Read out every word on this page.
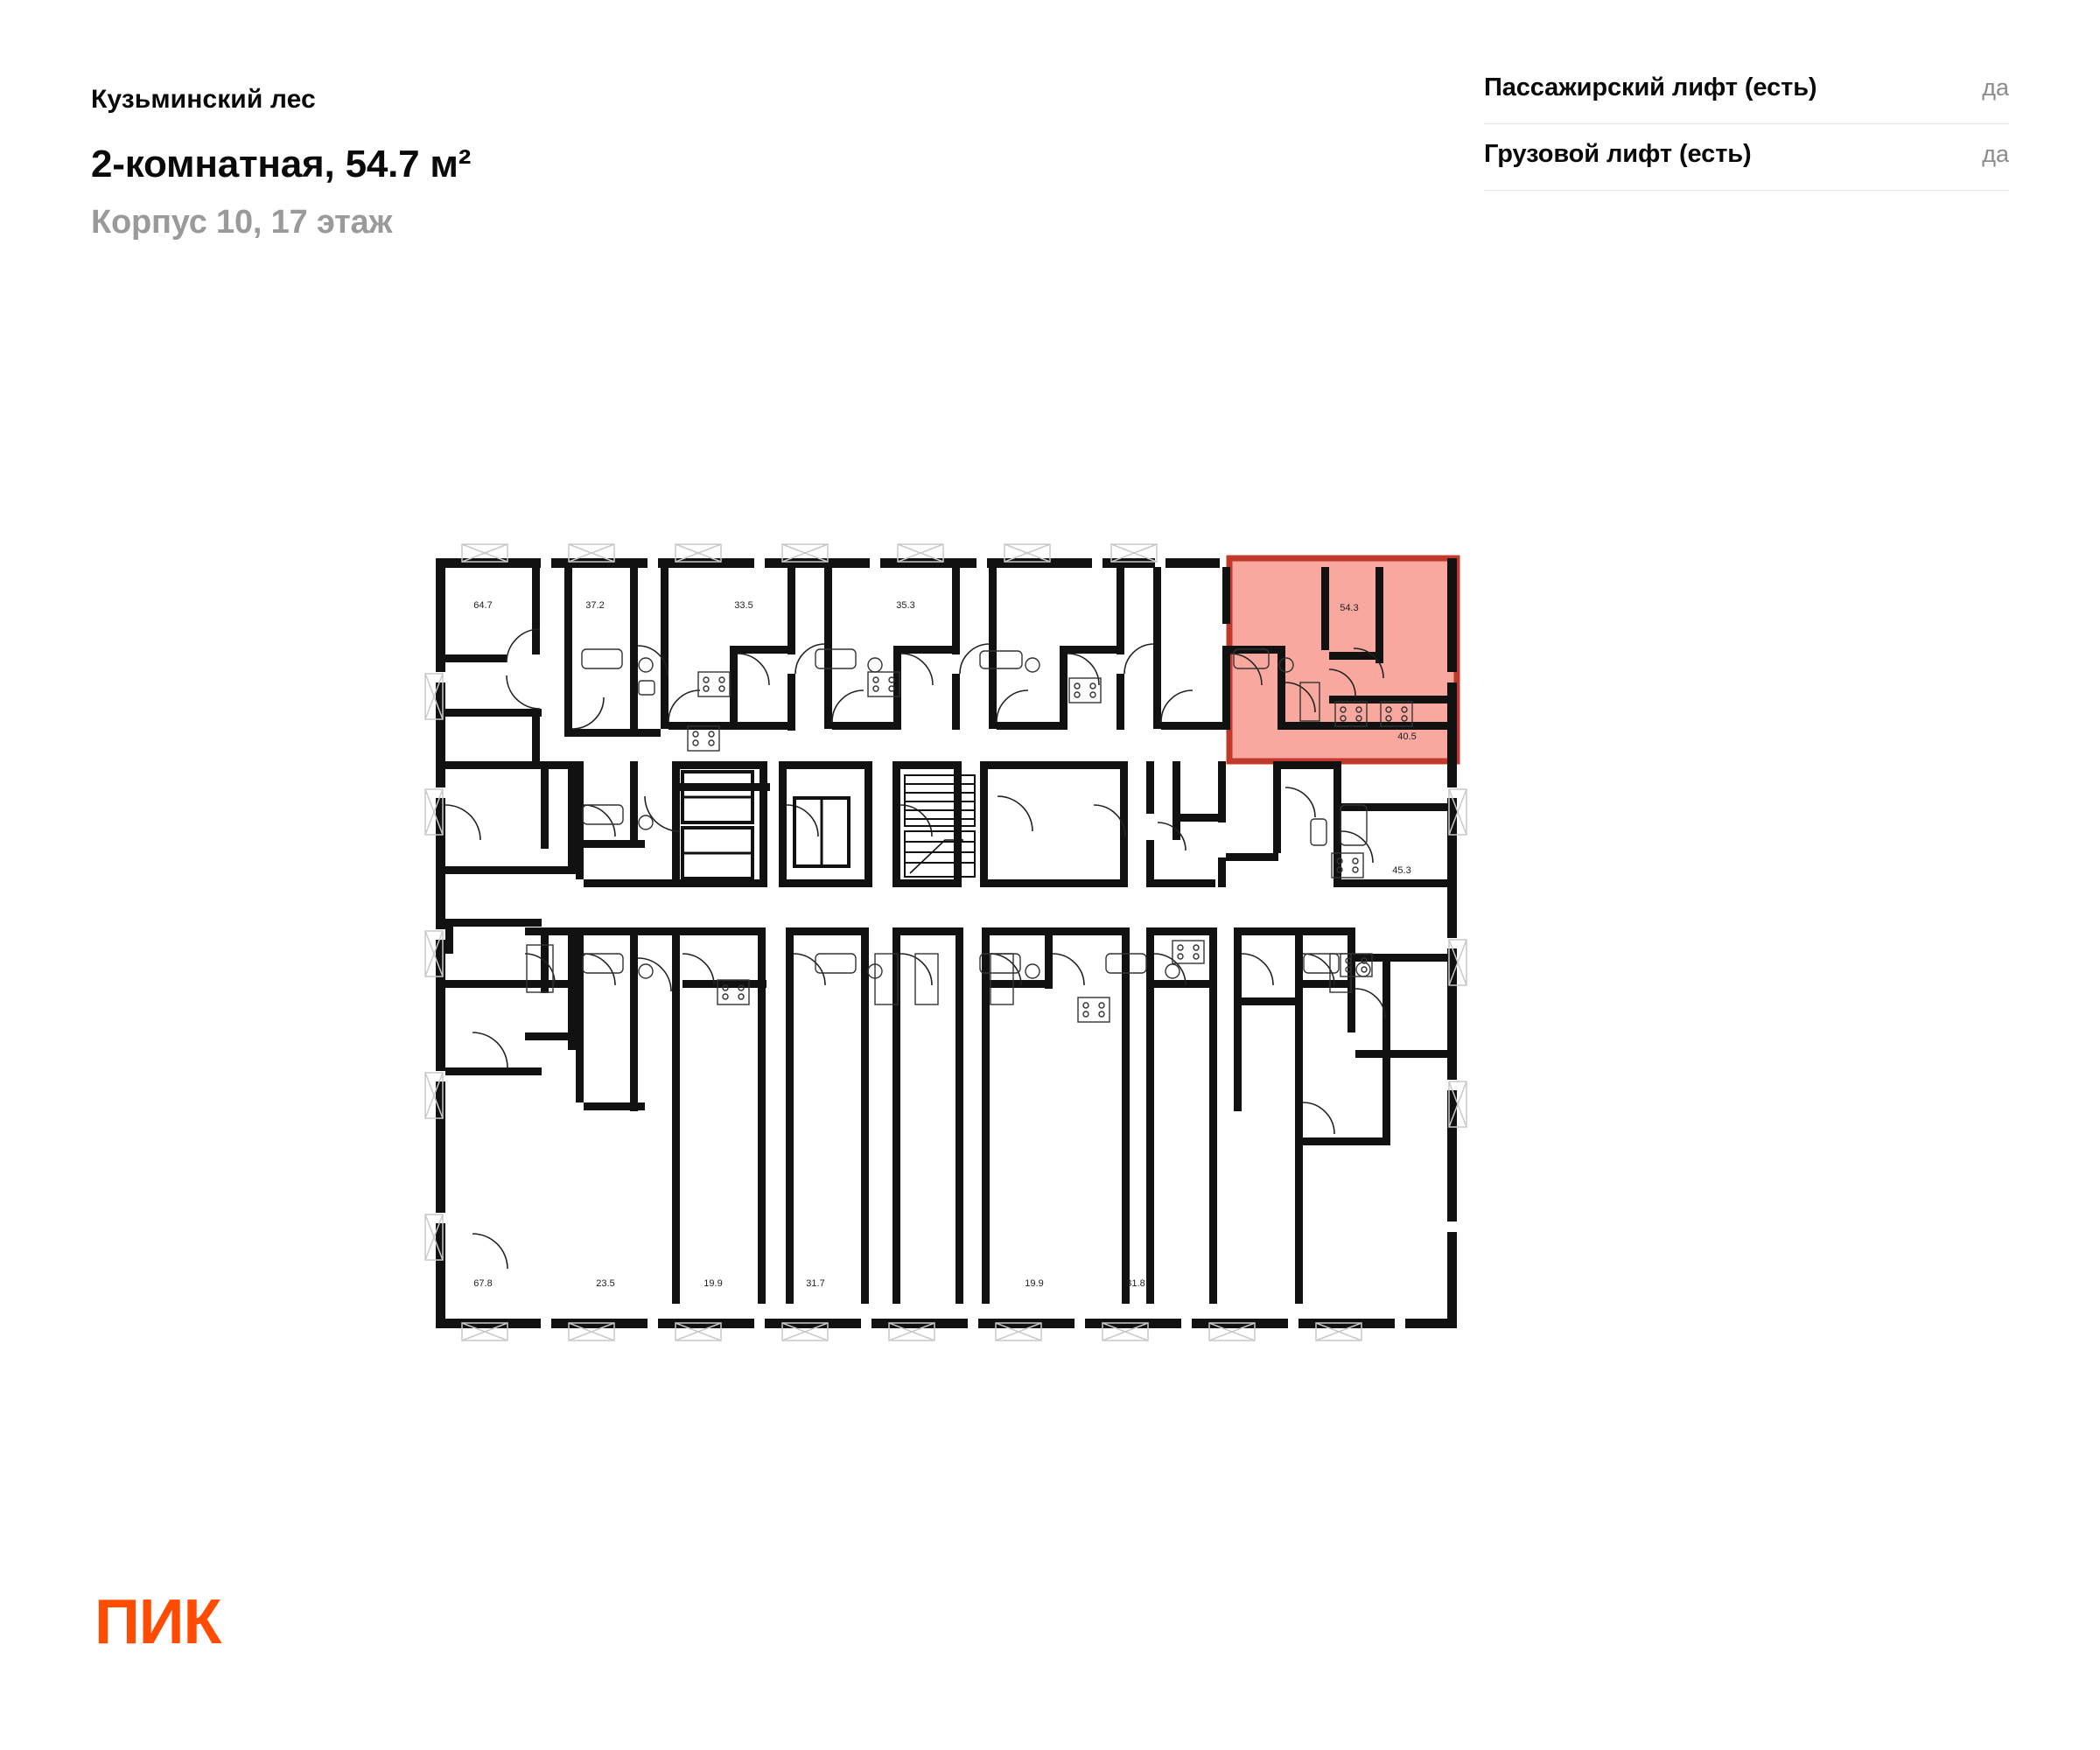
Кузьминский лес
2-комнатная, 54.7 м²
Корпус 10, 17 этаж
Пассажирский лифт (есть)	да
Грузовой лифт (есть)	да
64.7	37.2	33.5	35.3	54.3
40.5
45.3
67.8	23.5	19.9	31.7	19.9	31.8
ПИК
